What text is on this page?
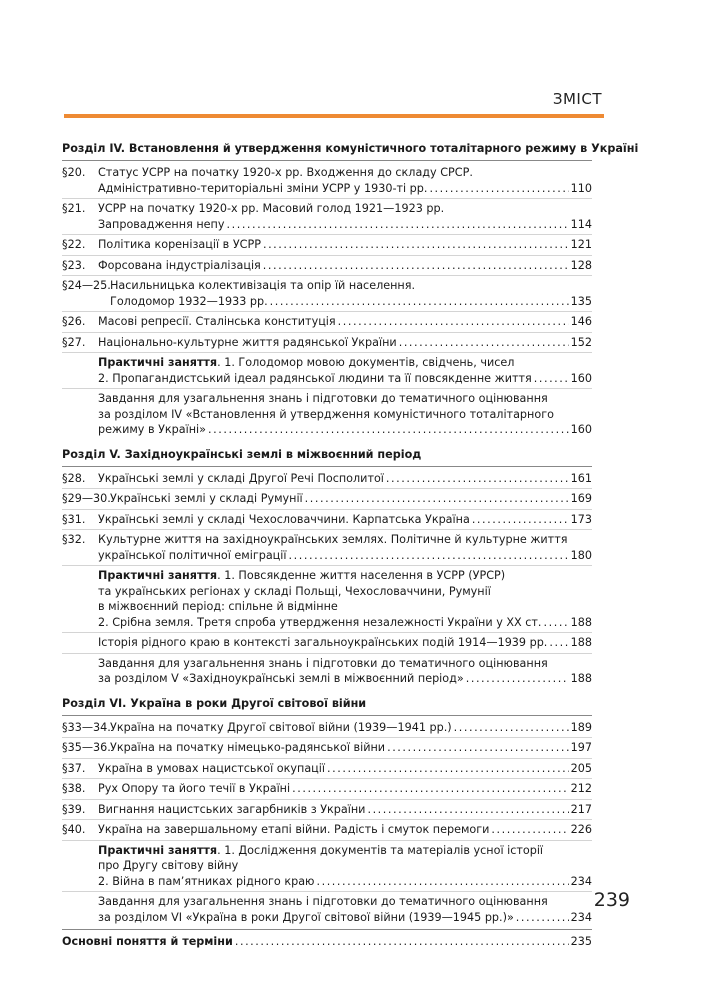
ЗМІСТ
Розділ IV. Встановлення й утвердження комуністичного тоталітарного режиму в Україні
§20.	Статус УСРР на початку 1920-х рр. Входження до складу СРСР.
Адміністративно-територіальні зміни УСРР у 1930-ті рр. . . .	110
§21.	УСРР на початку 1920-х рр. Масовий голод 1921—1923 рр.
Запровадження непу . . .	114
§22.	Політика коренізації в УСРР . . .	121
§23.	Форсована індустріалізація . . .	128
§24—25. Насильницька колективізація та опір їй населення.
Голодомор 1932—1933 рр. . . .	135
§26.	Масові репресії. Сталінська конституція . . .	146
§27.	Національно-культурне життя радянської України . . .	152
Практичні заняття. 1. Голодомор мовою документів, свідчень, чисел
2. Пропагандистський ідеал радянської людини та її повсякденне життя . . .	160
Завдання для узагальнення знань і підготовки до тематичного оцінювання
за розділом IV «Встановлення й утвердження комуністичного тоталітарного
режиму в Україні» . . .	160
Розділ V. Західноукраїнські землі в міжвоєнний період
§28.	Українські землі у складі Другої Речі Посполитої . . .	161
§29—30. Українські землі у складі Румунії . . .	169
§31.	Українські землі у складі Чехословаччини. Карпатська Україна . . .	173
§32.	Культурне життя на західноукраїнських землях. Політичне й культурне життя
української політичної еміграції . . .	180
Практичні заняття. 1. Повсякденне життя населення в УСРР (УРСР)
та українських регіонах у складі Польщі, Чехословаччини, Румунії
в міжвоєнний період: спільне й відмінне
2. Срібна земля. Третя спроба утвердження незалежності України у XX ст. . . .	188
Історія рідного краю в контексті загальноукраїнських подій 1914—1939 рр. . . . 188
Завдання для узагальнення знань і підготовки до тематичного оцінювання
за розділом V «Західноукраїнські землі в міжвоєнний період» . . .	188
Розділ VI. Україна в роки Другої світової війни
§33—34. Україна на початку Другої світової війни (1939—1941 рр.) . . .	189
§35—36. Україна на початку німецько-радянської війни . . .	197
§37.	Україна в умовах нацистської окупації . . .	205
§38.	Рух Опору та його течії в Україні . . .	212
§39.	Вигнання нацистських загарбників з України . . .	217
§40.	Україна на завершальному етапі війни. Радість і смуток перемоги . . .	226
Практичні заняття. 1. Дослідження документів та матеріалів усної історії
про Другу світову війну
2. Війна в пам’ятниках рідного краю . . .	234
Завдання для узагальнення знань і підготовки до тематичного оцінювання
за розділом VI «Україна в роки Другої світової війни (1939—1945 рр.)» . . .	234
Основні поняття й терміни . . .	235
239
